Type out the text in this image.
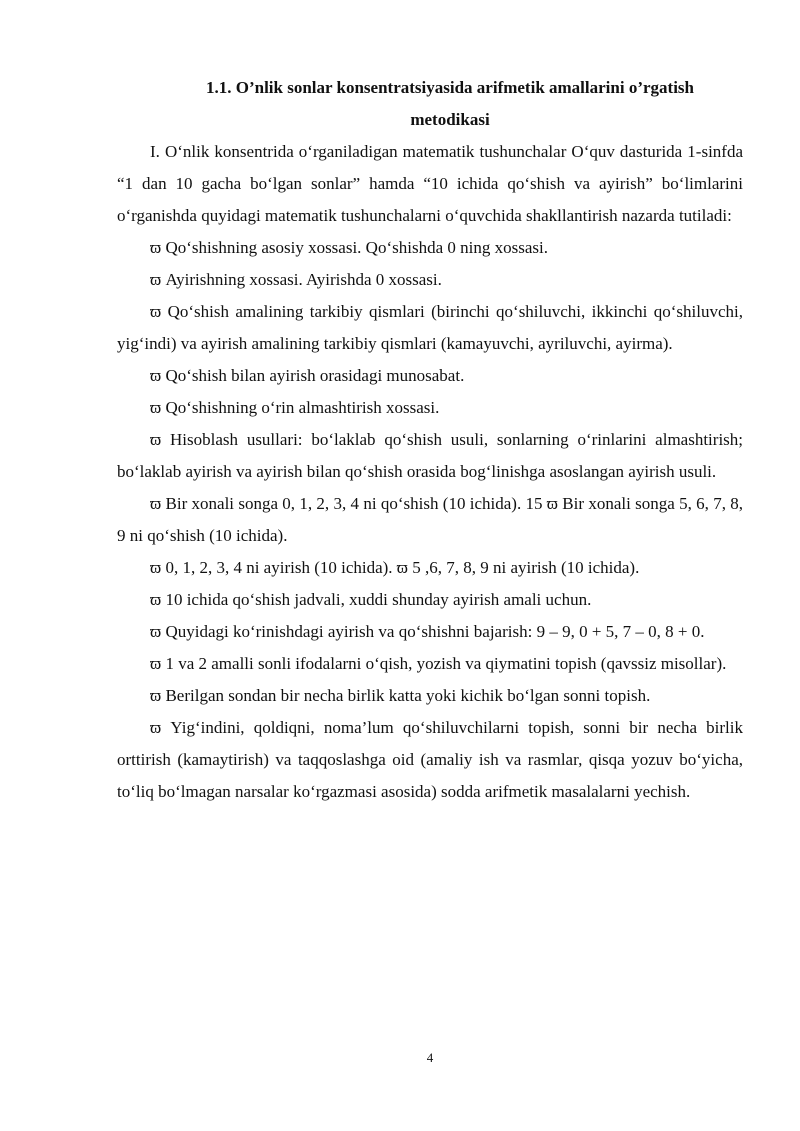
1.1. O’nlik sonlar konsentratsiyasida arifmetik amallarini o’rgatish
metodikasi

I. O‘nlik konsentrida o‘rganiladigan matematik tushunchalar O‘quv dasturida 1-sinfda “1 dan 10 gacha bo‘lgan sonlar” hamda “10 ichida qo‘shish va ayirish” bo‘limlarini o‘rganishda quyidagi matematik tushunchalarni o‘quvchida shakllantirish nazarda tutiladi:

ϖ Qo‘shishning asosiy xossasi. Qo‘shishda 0 ning xossasi.

ϖ Ayirishning xossasi. Ayirishda 0 xossasi.

ϖ Qo‘shish amalining tarkibiy qismlari (birinchi qo‘shiluvchi, ikkinchi qo‘shiluvchi, yig‘indi) va ayirish amalining tarkibiy qismlari (kamayuvchi, ayriluvchi, ayirma).

ϖ Qo‘shish bilan ayirish orasidagi munosabat.

ϖ Qo‘shishning o‘rin almashtirish xossasi.

ϖ Hisoblash usullari: bo‘laklab qo‘shish usuli, sonlarning o‘rinlarini almashtirish; bo‘laklab ayirish va ayirish bilan qo‘shish orasida bog‘linishga asoslangan ayirish usuli.

ϖ Bir xonali songa 0, 1, 2, 3, 4 ni qo‘shish (10 ichida). 15 ϖ Bir xonali songa 5, 6, 7, 8, 9 ni qo‘shish (10 ichida).

ϖ 0, 1, 2, 3, 4 ni ayirish (10 ichida). ϖ 5 ,6, 7, 8, 9 ni ayirish (10 ichida).

ϖ 10 ichida qo‘shish jadvali, xuddi shunday ayirish amali uchun.

ϖ Quyidagi ko‘rinishdagi ayirish va qo‘shishni bajarish: 9 – 9, 0 + 5, 7 – 0, 8 + 0.

ϖ 1 va 2 amalli sonli ifodalarni o‘qish, yozish va qiymatini topish (qavssiz misollar).

ϖ Berilgan sondan bir necha birlik katta yoki kichik bo‘lgan sonni topish.

ϖ Yig‘indini, qoldiqni, noma’lum qo‘shiluvchilarni topish, sonni bir necha birlik orttirish (kamaytirish) va taqqoslashga oid (amaliy ish va rasmlar, qisqa yozuv bo‘yicha, to‘liq bo‘lmagan narsalar ko‘rgazmasi asosida) sodda arifmetik masalalarni yechish.

4
